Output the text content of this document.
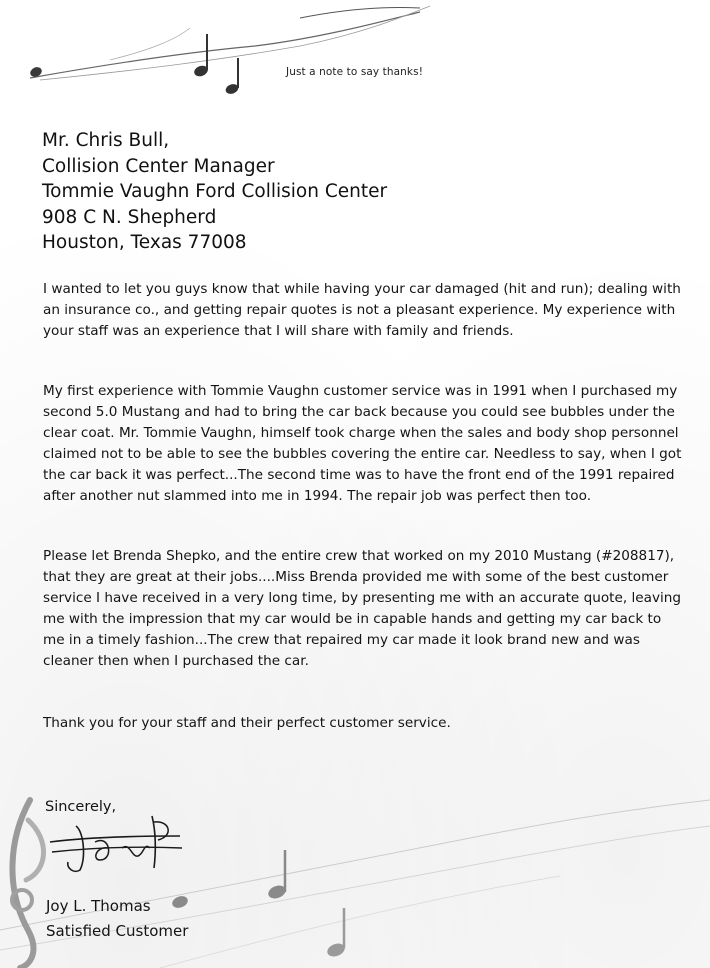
Just a note to say thanks!
Mr. Chris Bull,
Collision Center Manager
Tommie Vaughn Ford Collision Center
908 C N. Shepherd
Houston, Texas 77008

I wanted to let you guys know that while having your car damaged (hit and run); dealing with an insurance co., and getting repair quotes is not a pleasant experience. My experience with your staff was an experience that I will share with family and friends.

My first experience with Tommie Vaughn customer service was in 1991 when I purchased my second 5.0 Mustang and had to bring the car back because you could see bubbles under the clear coat. Mr. Tommie Vaughn, himself took charge when the sales and body shop personnel claimed not to be able to see the bubbles covering the entire car. Needless to say, when I got the car back it was perfect...The second time was to have the front end of the 1991 repaired after another nut slammed into me in 1994. The repair job was perfect then too.

Please let Brenda Shepko, and the entire crew that worked on my 2010 Mustang (#208817), that they are great at their jobs....Miss Brenda provided me with some of the best customer service I have received in a very long time, by presenting me with an accurate quote, leaving me with the impression that my car would be in capable hands and getting my car back to me in a timely fashion...The crew that repaired my car made it look brand new and was cleaner then when I purchased the car.

Thank you for your staff and their perfect customer service.

Sincerely,
Joy L. Thomas
Satisfied Customer
